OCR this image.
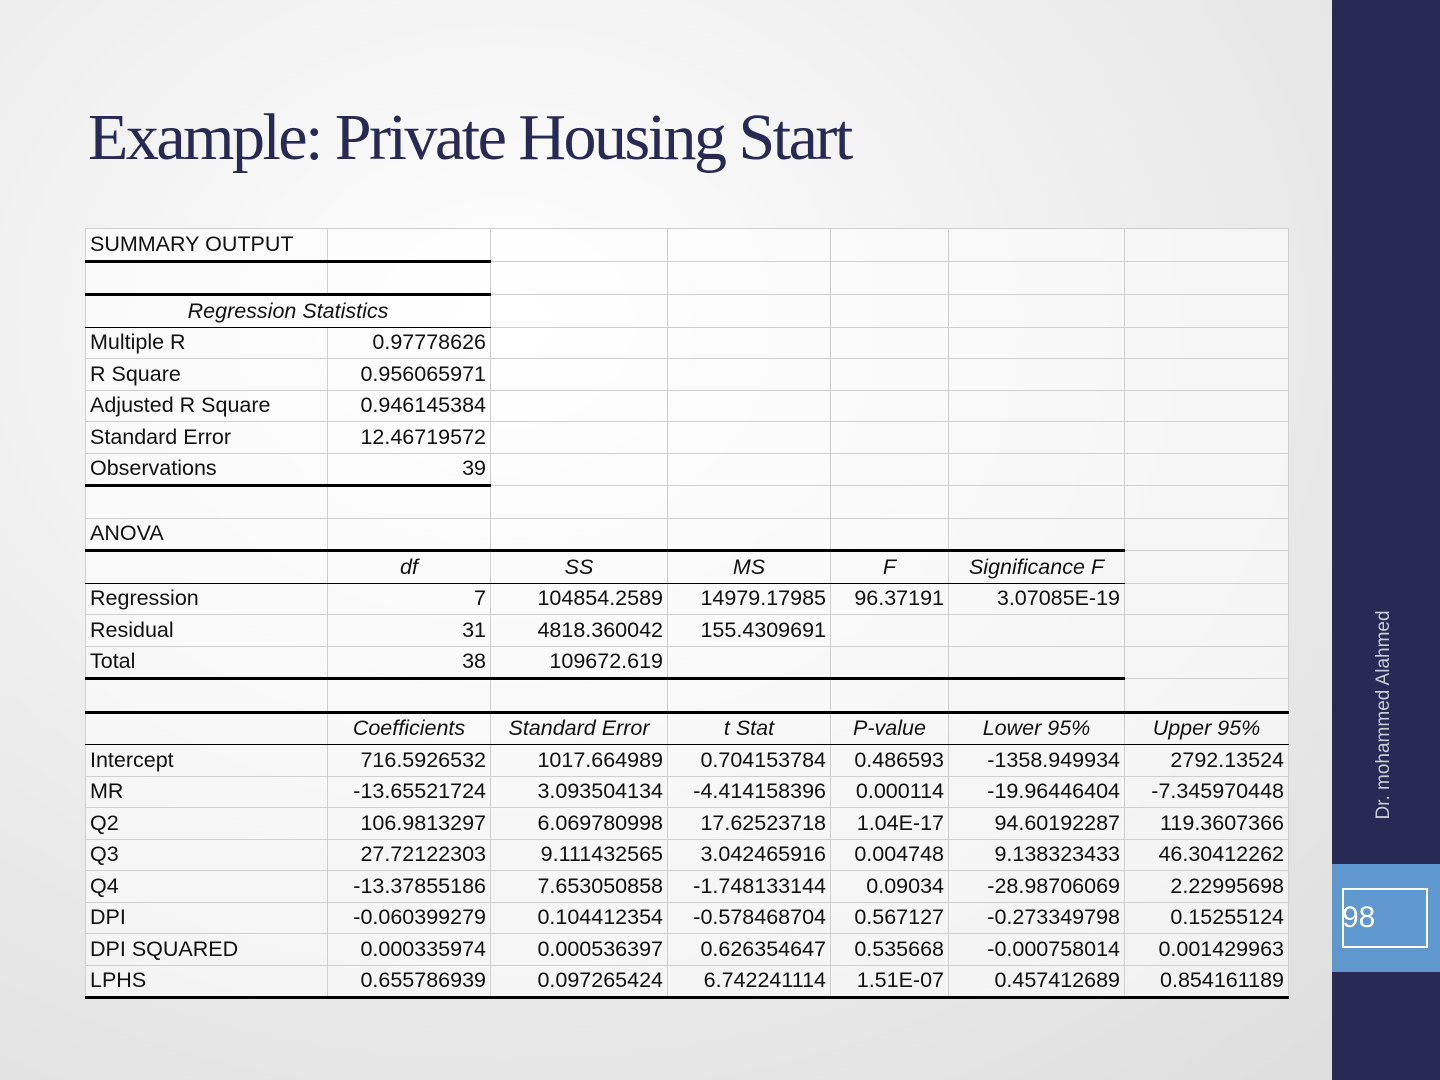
Example: Private Housing Start
SUMMARY OUTPUT						

Regression Statistics						
Multiple R	0.97778626					
R Square	0.956065971					
Adjusted R Square	0.946145384					
Standard Error	12.46719572					
Observations	39					

ANOVA						
	df	SS	MS	F	Significance F	
Regression	7	104854.2589	14979.17985	96.37191	3.07085E-19	
Residual	31	4818.360042	155.4309691			
Total	38	109672.619				

	Coefficients	Standard Error	t Stat	P-value	Lower 95%	Upper 95%
Intercept	716.5926532	1017.664989	0.704153784	0.486593	-1358.949934	2792.13524
MR	-13.65521724	3.093504134	-4.414158396	0.000114	-19.96446404	-7.345970448
Q2	106.9813297	6.069780998	17.62523718	1.04E-17	94.60192287	119.3607366
Q3	27.72122303	9.111432565	3.042465916	0.004748	9.138323433	46.30412262
Q4	-13.37855186	7.653050858	-1.748133144	0.09034	-28.98706069	2.22995698
DPI	-0.060399279	0.104412354	-0.578468704	0.567127	-0.273349798	0.15255124
DPI SQUARED	0.000335974	0.000536397	0.626354647	0.535668	-0.000758014	0.001429963
LPHS	0.655786939	0.097265424	6.742241114	1.51E-07	0.457412689	0.854161189
Dr. mohammed Alahmed
98
